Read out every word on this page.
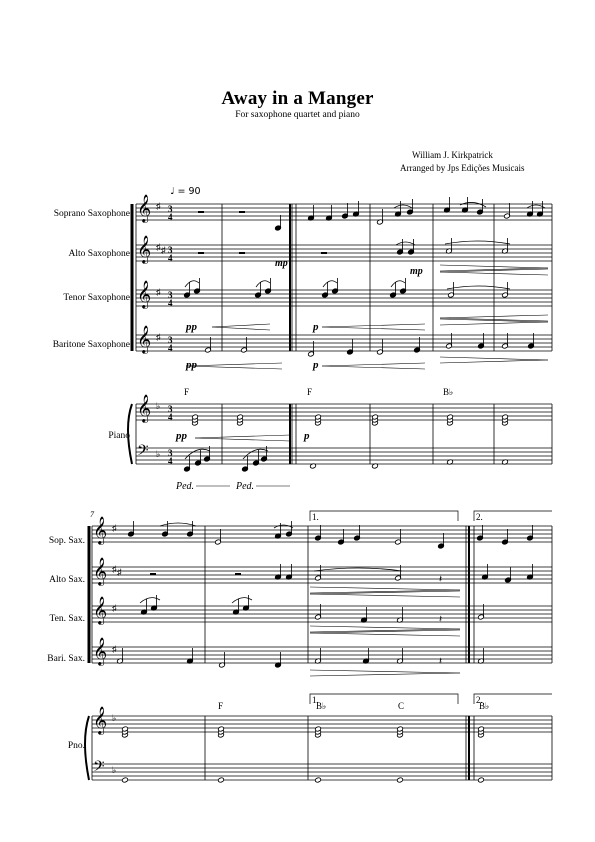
Away in a Manger
For saxophone quartet and piano
William J. Kirkpatrick
Arranged by Jps Edições Musicais
♩ = 90
Soprano Saxophone
Alto Saxophone
Tenor Saxophone
Baritone Saxophone
Piano
Sop. Sax.
Alto Sax.
Ten. Sax.
Bari. Sax.
Pno.
F	F	B♭
F	B♭	C	B♭
mp
mp
pp	p
pp	p
pp	p
Ped.	Ped.
7	1.	2.
1.	2.
𝄞 ♯ 3
4
𝄞 ♯ ♯ 3
4
𝄞 ♯ 3
4
𝄞 ♯ 3
4
𝄞
𝄢
♭
♭
3
4
3
4
𝄞 ♯
𝄞 ♯ ♯
𝄞 ♯
𝄞 ♯
𝄞
𝄢
♭
♭
𝄽
𝄽
𝄽
